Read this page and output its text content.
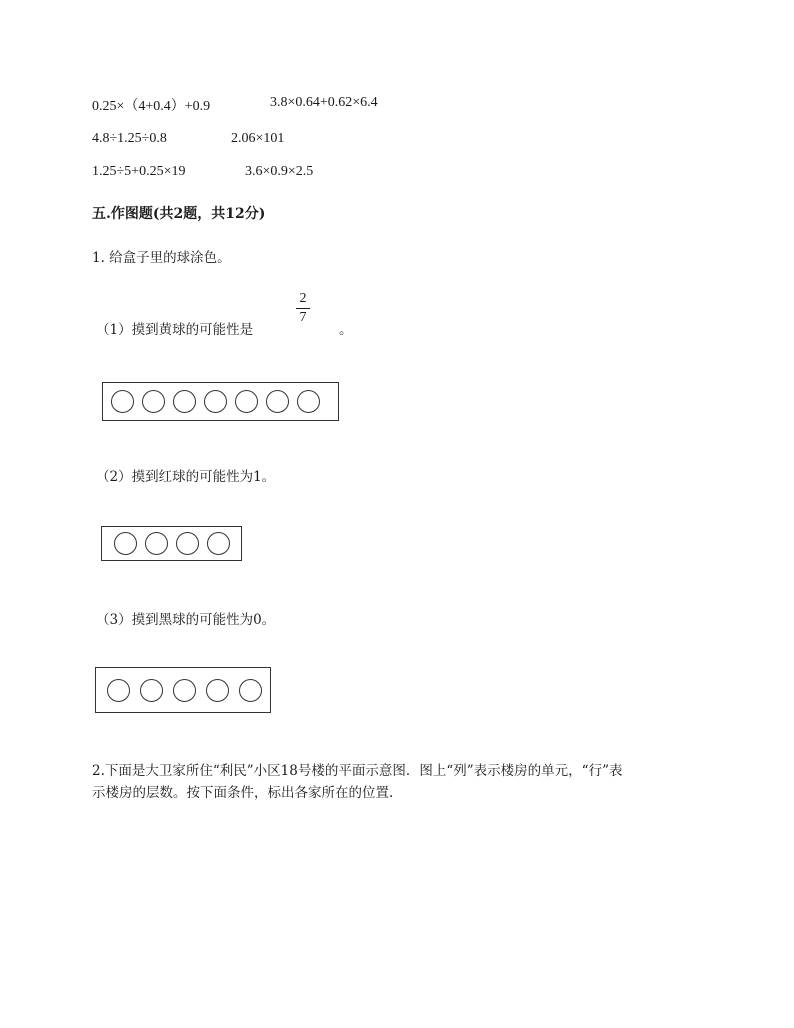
0.25×（4+0.4）+0.9	3.8×0.64+0.62×6.4
4.8÷1.25÷0.8	2.06×101
1.25÷5+0.25×19	3.6×0.9×2.5
五.作图题(共2题，共12分)
1. 给盒子里的球涂色。
（1）摸到黄球的可能性是
2
7
。
（2）摸到红球的可能性为1。
（3）摸到黑球的可能性为0。
2.下面是大卫家所住“利民”小区18号楼的平面示意图．图上“列”表示楼房的单元，“行”表
示楼房的层数。按下面条件，标出各家所在的位置.
